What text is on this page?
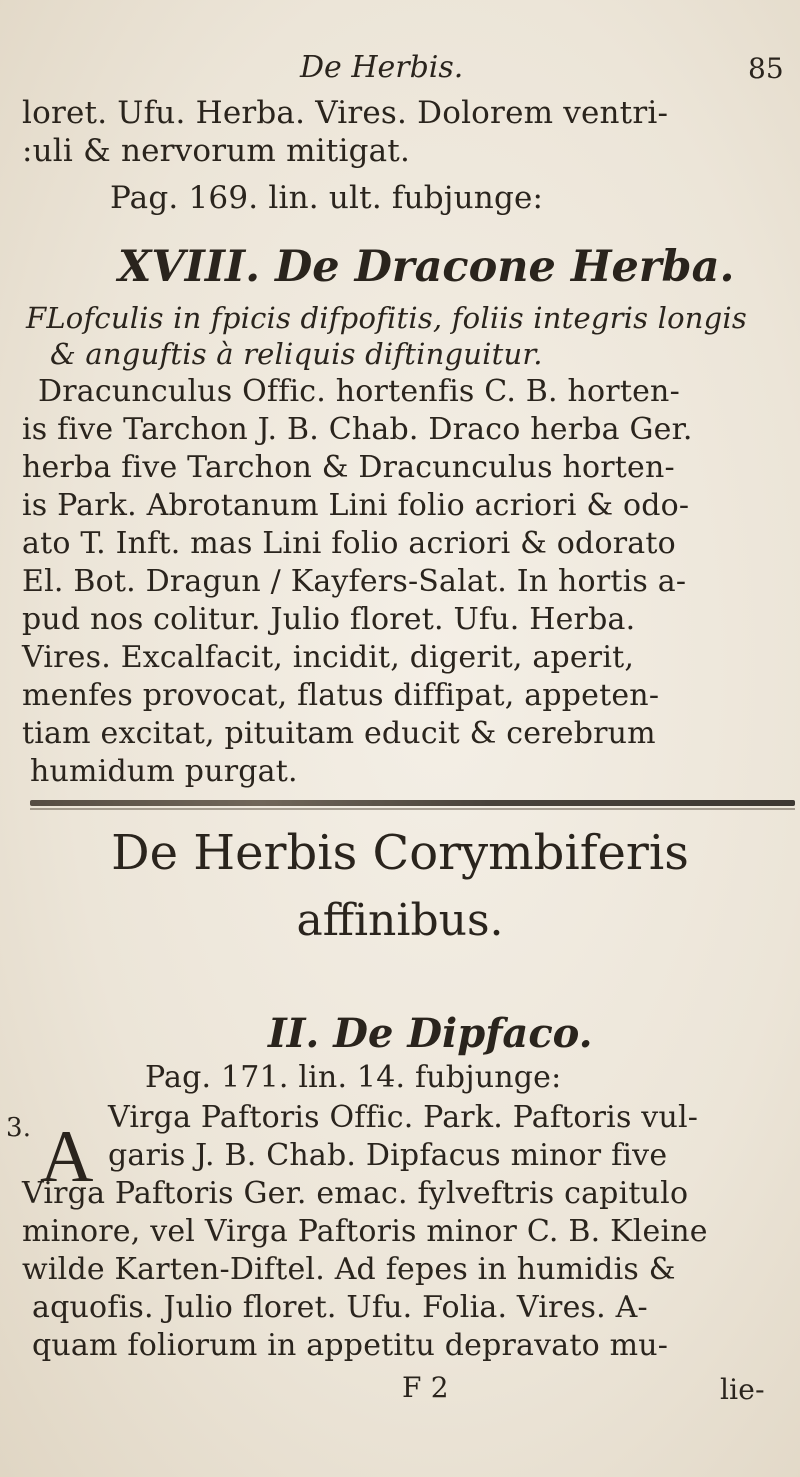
De Herbis.	85
loret. Ufu. Herba. Vires. Dolorem ventri-
:uli & nervorum mitigat.
Pag. 169. lin. ult. fubjunge:
XVIII. De Dracone Herba.
FLofculis in fpicis difpofitis, foliis integris longis
& anguftis à reliquis diftinguitur.
Dracunculus Offic. hortenfis C. B. horten-
is five Tarchon J. B. Chab. Draco herba Ger.
herba five Tarchon & Dracunculus horten-
is Park. Abrotanum Lini folio acriori & odo-
ato T. Inft. mas Lini folio acriori & odorato
El. Bot. Dragun / Kayfers-Salat. In hortis a-
pud nos colitur. Julio floret. Ufu. Herba.
Vires. Excalfacit, incidit, digerit, aperit,
menfes provocat, flatus diffipat, appeten-
tiam excitat, pituitam educit & cerebrum
humidum purgat.
De Herbis Corymbiferis
affinibus.
II. De Dipfaco.
Pag. 171. lin. 14. fubjunge:
3. A Virga Paftoris Offic. Park. Paftoris vul-
garis J. B. Chab. Dipfacus minor five
Virga Paftoris Ger. emac. fylveftris capitulo
minore, vel Virga Paftoris minor C. B. Kleine
wilde Karten-Diftel. Ad fepes in humidis &
aquofis. Julio floret. Ufu. Folia. Vires. A-
quam foliorum in appetitu depravato mu-
F 2	lie-
